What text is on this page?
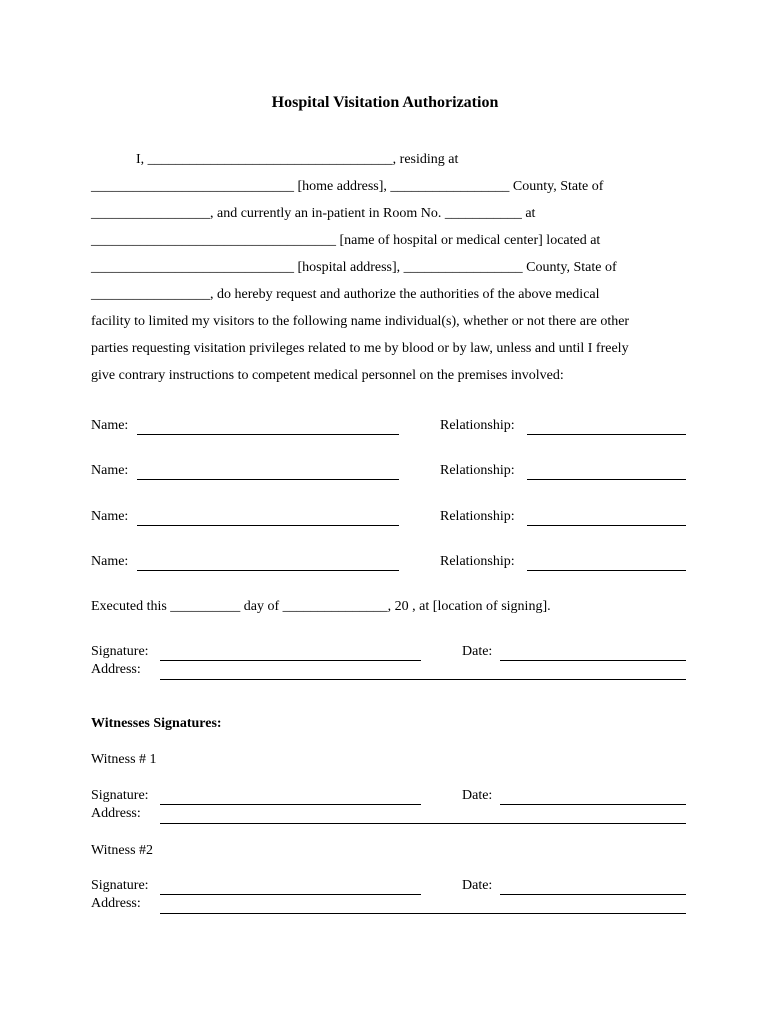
Hospital Visitation Authorization
I, ___________________________________, residing at
_____________________________ [home address], _________________ County, State of
_________________, and currently an in-patient in Room No. ___________ at
___________________________________ [name of hospital or medical center] located at
_____________________________ [hospital address], _________________ County, State of
_________________, do hereby request and authorize the authorities of the above medical
facility to limited my visitors to the following name individual(s), whether or not there are other
parties requesting visitation privileges related to me by blood or by law, unless and until I freely
give contrary instructions to competent medical personnel on the premises involved:
Name:	Relationship:
Name:	Relationship:
Name:	Relationship:
Name:	Relationship:
Executed this __________ day of _______________, 20 , at [location of signing].
Signature:	Date:
Address:
Witnesses Signatures:
Witness # 1
Signature:	Date:
Address:
Witness #2
Signature:	Date:
Address:
